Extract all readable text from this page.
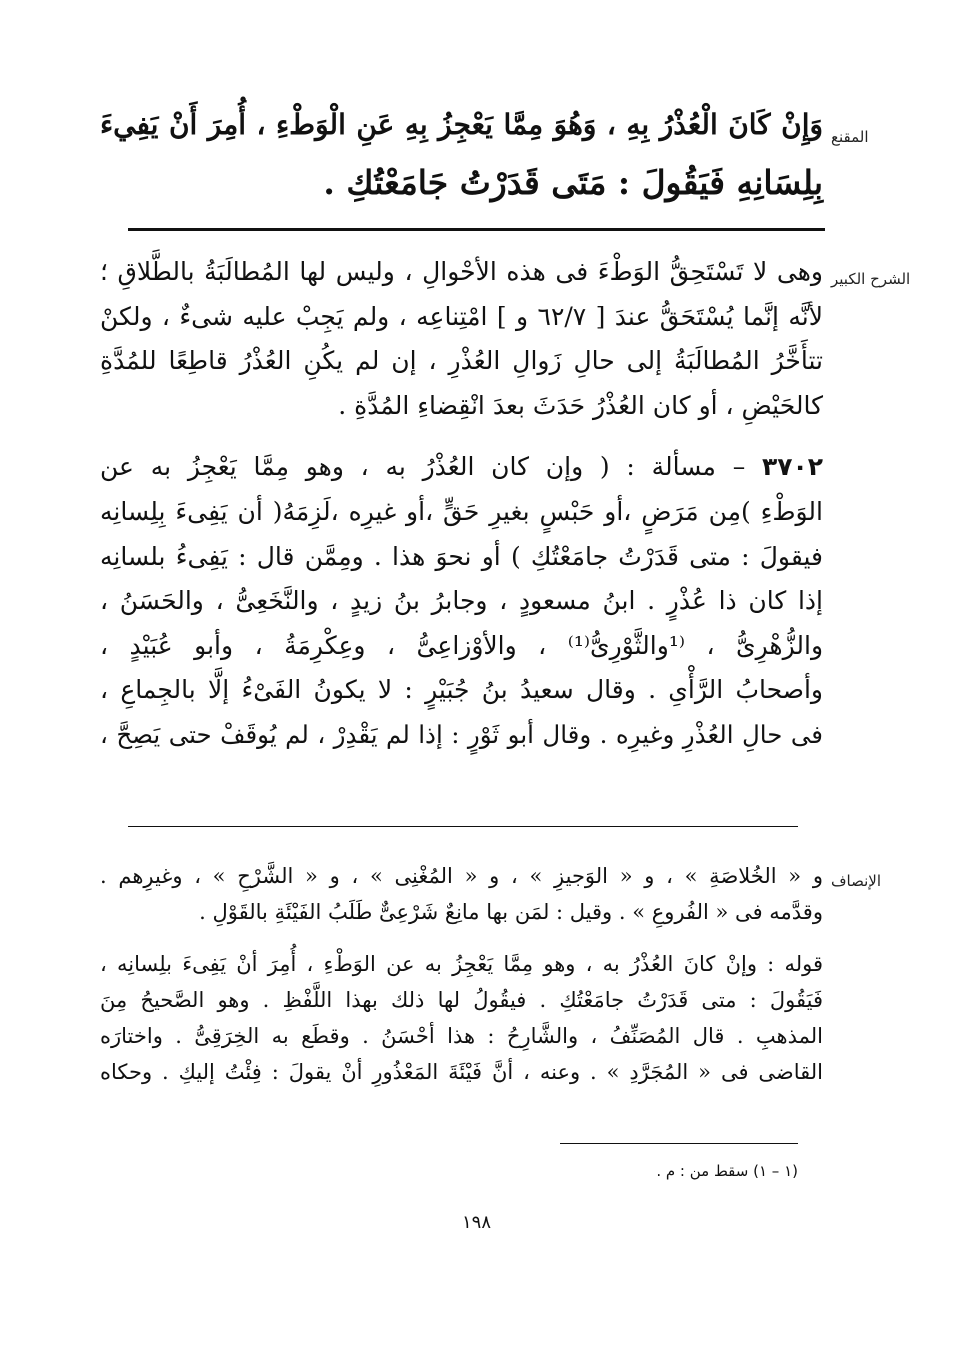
المقنع
وَإِنْ كَانَ الْعُذْرُ بِهِ ، وَهُوَ مِمَّا يَعْجِزُ بِهِ عَنِ الْوَطْءِ ، أُمِرَ أَنْ يَفِيءَ
بِلِسَانِهِ فَيَقُولَ : مَتَى قَدَرْتُ جَامَعْتُكِ .
الشرح الكبير
وهى لا تَسْتَحِقُّ الوَطْءَ فى هذه الأحْوالِ ، وليس لها المُطالَبَةُ بالطَّلاقِ ؛
لأنَّه إنَّما يُسْتَحَقُّ عندَ [ ٦٢/٧ و ] امْتِناعِه ، ولم يَجِبْ عليه شىءٌ ، ولكنْ
تتأَخَّرُ المُطالَبَةُ إلى حالِ زَوالِ العُذْرِ ، إن لم يكُنِ العُذْرُ قاطِعًا للمُدَّةِ
كالحَيْضِ ، أو كان العُذْرُ حَدَثَ بعدَ انْقِضاءِ المُدَّةِ .
٣٧٠٢ – مسألة : ( وإن كان العُذْرُ به ، وهو مِمَّا يَعْجِزُ به عن
الوَطْءِ )مِن مَرَضٍ ،أو حَبْسٍ بغيرِ حَقٍّ ،أو غيرِه ،لَزِمَهُ( أن يَفِىءَ بِلِسانِه
فيقولَ : متى قَدَرْتُ جامَعْتُكِ ) أو نحوَ هذا . ومِمَّن قال : يَفِىءُ بلسانِه
إذا كان ذا عُذْرٍ . ابنُ مسعودٍ ، وجابرُ بنُ زيدٍ ، والنَّخَعِىُّ ، والحَسَنُ ،
والزُّهْرِىُّ ، ⁽¹والثَّوْرِىُّ⁽¹⁾ ، والأوْزاعِىُّ ، وعِكْرِمَةُ ، وأبو عُبَيْدٍ ،
وأصحابُ الرَّأْىِ . وقال سعيدُ بنُ جُبَيْرٍ : لا يكونُ الفَىْءُ إلَّا بالجِماعِ ،
فى حالِ العُذْرِ وغيرِه . وقال أبو ثَوْرٍ : إذا لم يَقْدِرْ ، لم يُوقَفْ حتى يَصِحَّ ،
الإنصاف
و « الخُلاصَةِ » ، و « الوَجيزِ » ، و « المُغْنِى » ، و « الشَّرْحِ » ، وغيرِهم .
وقدَّمه فى « الفُروعِ » . وقيل : لمَن بها مانِعٌ شَرْعِىٌّ طَلَبُ الفَيْئَةِ بالقَوْلِ .
قوله : وإنْ كانَ العُذْرُ به ، وهو مِمَّا يَعْجِزُ به عن الوَطْءِ ، أُمِرَ أنْ يَفِىءَ بلِسانِه ،
فَيَقُولَ : متى قَدَرْتُ جامَعْتُكِ . فيقُولُ لها ذلك بهذا اللَّفْظِ . وهو الصَّحيحُ مِنَ
المذهبِ . قال المُصَنِّفُ ، والشَّارِحُ : هذا أحْسَنُ . وقطَع به الخِرَقِىُّ . واختارَه
القاضى فى « المُجَرَّدِ » . وعنه ، أنَّ فَيْئَةَ المَعْذُورِ أنْ يقولَ : فِئْتُ إليكِ . وحكاه
(١ – ١) سقط من : م .
١٩٨
